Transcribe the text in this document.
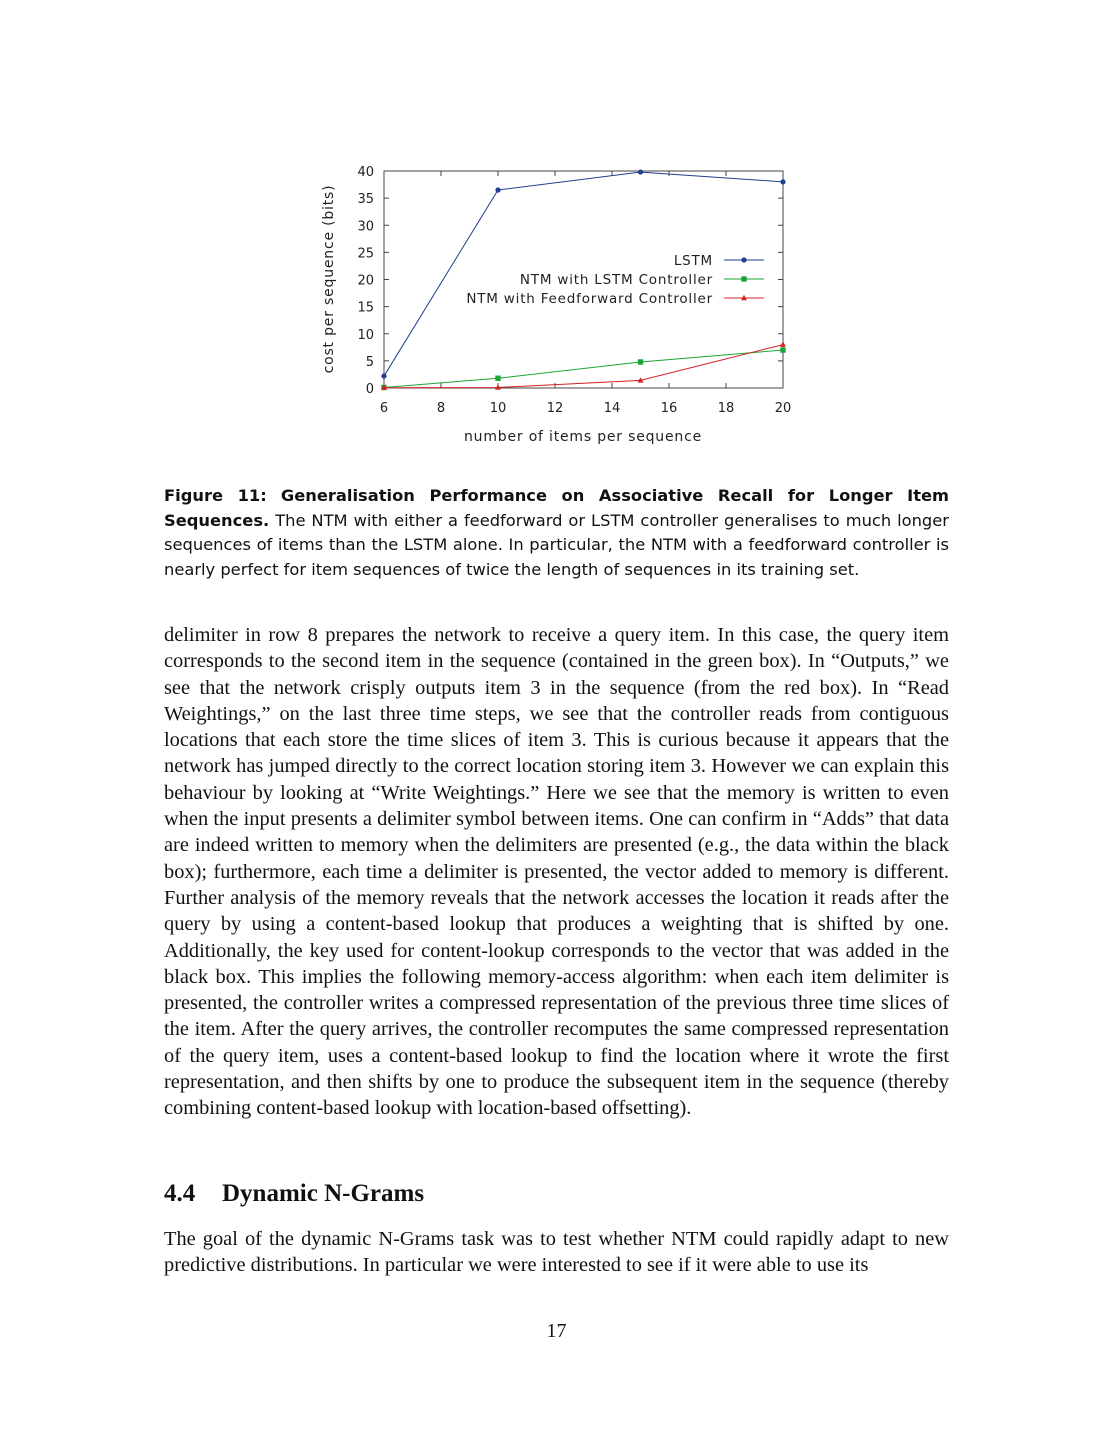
0
5
10
15
20
25
30
35
40
6	8	10	12	14	16	18	20
LSTM
NTM with LSTM Controller
NTM with Feedforward Controller
number of items per sequence
cost per sequence (bits)
Figure 11: Generalisation Performance on Associative Recall for Longer Item Sequences. The NTM with either a feedforward or LSTM controller generalises to much longer sequences of items than the LSTM alone. In particular, the NTM with a feedforward controller is nearly perfect for item sequences of twice the length of sequences in its training set.
delimiter in row 8 prepares the network to receive a query item. In this case, the query item corresponds to the second item in the sequence (contained in the green box). In “Outputs,” we see that the network crisply outputs item 3 in the sequence (from the red box). In “Read Weightings,” on the last three time steps, we see that the controller reads from contiguous locations that each store the time slices of item 3. This is curious because it appears that the network has jumped directly to the correct location storing item 3. However we can explain this behaviour by looking at “Write Weightings.” Here we see that the memory is written to even when the input presents a delimiter symbol between items. One can confirm in “Adds” that data are indeed written to memory when the delimiters are presented (e.g., the data within the black box); furthermore, each time a delimiter is presented, the vector added to memory is different. Further analysis of the memory reveals that the network accesses the location it reads after the query by using a content-based lookup that produces a weighting that is shifted by one. Additionally, the key used for content-lookup corresponds to the vector that was added in the black box. This implies the following memory-access algorithm: when each item delimiter is presented, the controller writes a compressed representation of the previous three time slices of the item. After the query arrives, the controller recomputes the same compressed representation of the query item, uses a content-based lookup to find the location where it wrote the first representation, and then shifts by one to produce the subsequent item in the sequence (thereby combining content-based lookup with location-based offsetting).
4.4 Dynamic N-Grams
The goal of the dynamic N-Grams task was to test whether NTM could rapidly adapt to new predictive distributions. In particular we were interested to see if it were able to use its
17
